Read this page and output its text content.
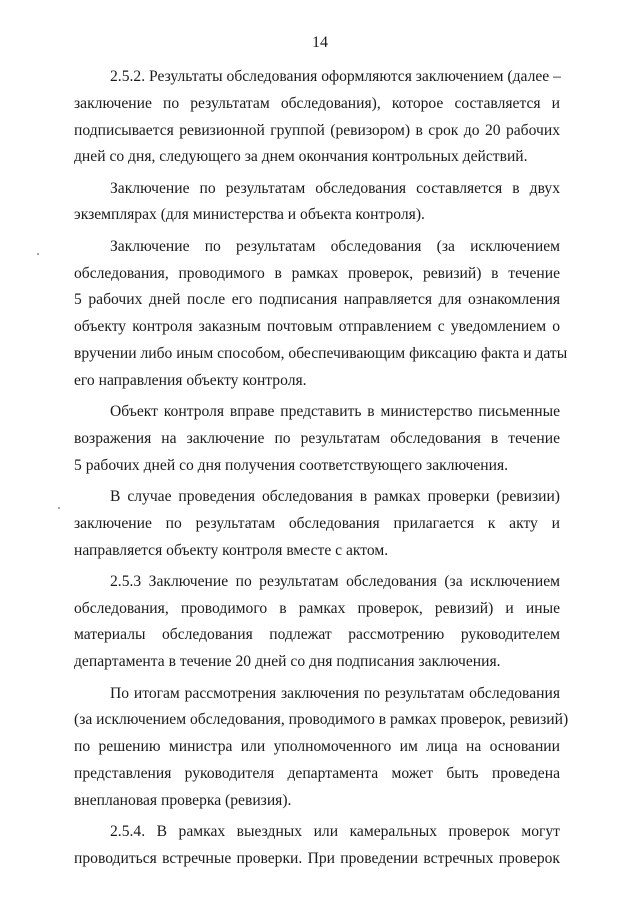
14
2.5.2. Результаты обследования оформляются заключением (далее –
заключение по результатам обследования), которое составляется и
подписывается ревизионной группой (ревизором) в срок до 20 рабочих
дней со дня, следующего за днем окончания контрольных действий.
Заключение по результатам обследования составляется в двух
экземплярах (для министерства и объекта контроля).
Заключение по результатам обследования (за исключением
обследования, проводимого в рамках проверок, ревизий) в течение
5 рабочих дней после его подписания направляется для ознакомления
объекту контроля заказным почтовым отправлением с уведомлением о
вручении либо иным способом, обеспечивающим фиксацию факта и даты
его направления объекту контроля.
Объект контроля вправе представить в министерство письменные
возражения на заключение по результатам обследования в течение
5 рабочих дней со дня получения соответствующего заключения.
В случае проведения обследования в рамках проверки (ревизии)
заключение по результатам обследования прилагается к акту и
направляется объекту контроля вместе с актом.
2.5.3 Заключение по результатам обследования (за исключением
обследования, проводимого в рамках проверок, ревизий) и иные
материалы обследования подлежат рассмотрению руководителем
департамента в течение 20 дней со дня подписания заключения.
По итогам рассмотрения заключения по результатам обследования
(за исключением обследования, проводимого в рамках проверок, ревизий)
по решению министра или уполномоченного им лица на основании
представления руководителя департамента может быть проведена
внеплановая проверка (ревизия).
2.5.4. В рамках выездных или камеральных проверок могут
проводиться встречные проверки. При проведении встречных проверок
